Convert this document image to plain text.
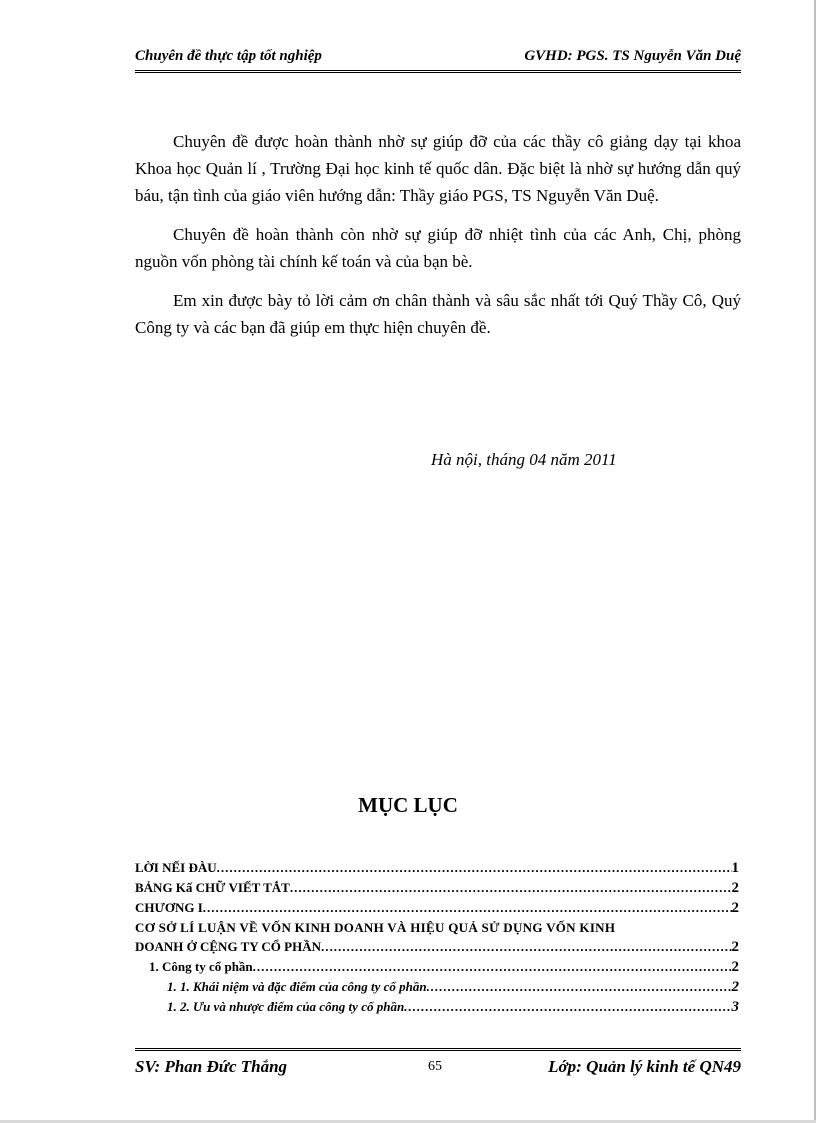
Chuyên đề thực tập tốt nghiệp	GVHD: PGS. TS Nguyễn Văn Duệ

Chuyên đề được hoàn thành nhờ sự giúp đỡ của các thầy cô giảng dạy tại khoa Khoa học Quản lí , Trường Đại học kinh tế quốc dân. Đặc biệt là nhờ sự hướng dẫn quý báu, tận tình của giáo viên hướng dẫn: Thầy giáo PGS, TS Nguyễn Văn Duệ.

Chuyên đề hoàn thành còn nhờ sự giúp đỡ nhiệt tình của các Anh, Chị, phòng nguồn vốn phòng tài chính kế toán và của bạn bè.

Em xin được bày tỏ lời cảm ơn chân thành và sâu sắc nhất tới Quý Thầy Cô, Quý Công ty và các bạn đã giúp em thực hiện chuyên đề.

Hà nội, tháng 04 năm 2011
MỤC LỤC
LỜI NẾI ĐÀU .....	1
BẢNG Kấ CHỮ VIẾT TẮT .....	2
CHƯƠNG I .....	2
CƠ SỞ LÍ LUẬN VỀ VỐN KINH DOANH VÀ HIỆU QUẢ SỬ DỤNG VỐN KINH
DOANH Ở CỆNG TY CỔ PHẦN .....	2
1. Công ty cổ phần .....	2
1. 1. Khái niệm và đặc điểm của công ty cổ phần .....	2
1. 2. Ưu và nhược điểm của công ty cổ phần .....	3
SV: Phan Đức Thắng	65	Lớp: Quản lý kinh tế QN49
